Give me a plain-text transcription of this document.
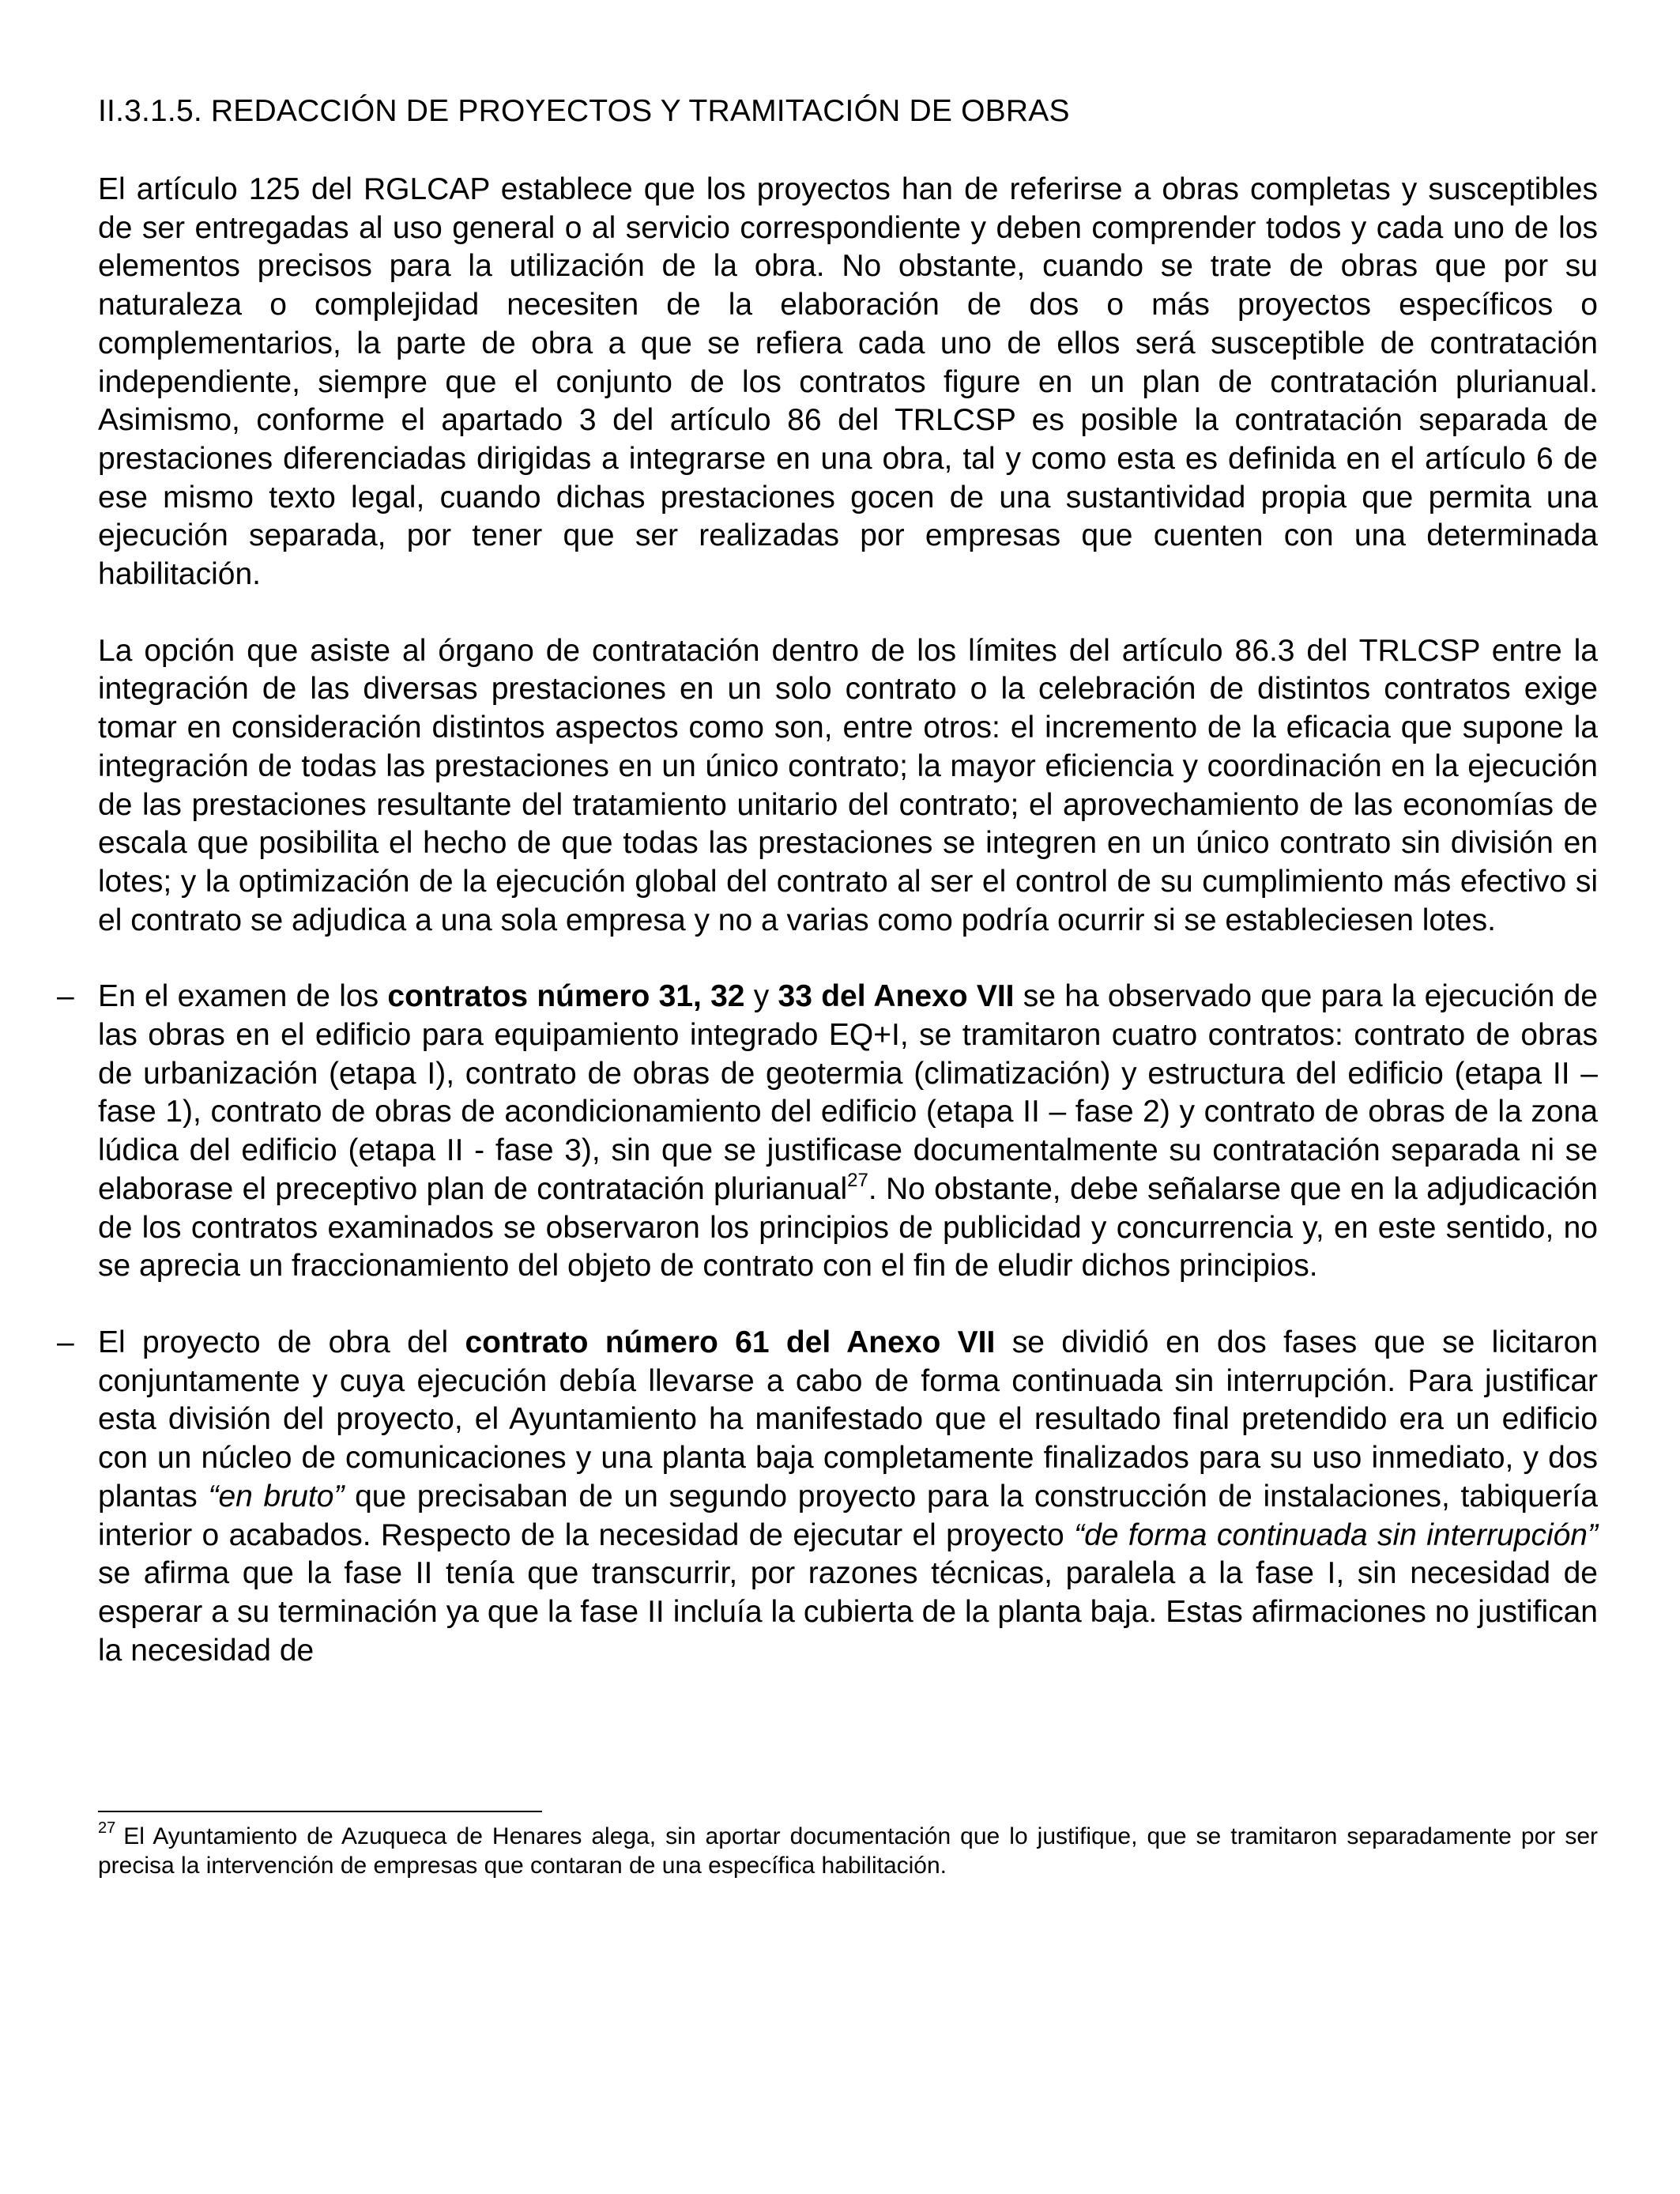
II.3.1.5. REDACCIÓN DE PROYECTOS Y TRAMITACIÓN DE OBRAS

El artículo 125 del RGLCAP establece que los proyectos han de referirse a obras completas y susceptibles de ser entregadas al uso general o al servicio correspondiente y deben comprender todos y cada uno de los elementos precisos para la utilización de la obra. No obstante, cuando se trate de obras que por su naturaleza o complejidad necesiten de la elaboración de dos o más proyectos específicos o complementarios, la parte de obra a que se refiera cada uno de ellos será susceptible de contratación independiente, siempre que el conjunto de los contratos figure en un plan de contratación plurianual. Asimismo, conforme el apartado 3 del artículo 86 del TRLCSP es posible la contratación separada de prestaciones diferenciadas dirigidas a integrarse en una obra, tal y como esta es definida en el artículo 6 de ese mismo texto legal, cuando dichas prestaciones gocen de una sustantividad propia que permita una ejecución separada, por tener que ser realizadas por empresas que cuenten con una determinada habilitación.

La opción que asiste al órgano de contratación dentro de los límites del artículo 86.3 del TRLCSP entre la integración de las diversas prestaciones en un solo contrato o la celebración de distintos contratos exige tomar en consideración distintos aspectos como son, entre otros: el incremento de la eficacia que supone la integración de todas las prestaciones en un único contrato; la mayor eficiencia y coordinación en la ejecución de las prestaciones resultante del tratamiento unitario del contrato; el aprovechamiento de las economías de escala que posibilita el hecho de que todas las prestaciones se integren en un único contrato sin división en lotes; y la optimización de la ejecución global del contrato al ser el control de su cumplimiento más efectivo si el contrato se adjudica a una sola empresa y no a varias como podría ocurrir si se estableciesen lotes.

– En el examen de los contratos número 31, 32 y 33 del Anexo VII se ha observado que para la ejecución de las obras en el edificio para equipamiento integrado EQ+I, se tramitaron cuatro contratos: contrato de obras de urbanización (etapa I), contrato de obras de geotermia (climatización) y estructura del edificio (etapa II – fase 1), contrato de obras de acondicionamiento del edificio (etapa II – fase 2) y contrato de obras de la zona lúdica del edificio (etapa II - fase 3), sin que se justificase documentalmente su contratación separada ni se elaborase el preceptivo plan de contratación plurianual$^{27}$. No obstante, debe señalarse que en la adjudicación de los contratos examinados se observaron los principios de publicidad y concurrencia y, en este sentido, no se aprecia un fraccionamiento del objeto de contrato con el fin de eludir dichos principios.

– El proyecto de obra del contrato número 61 del Anexo VII se dividió en dos fases que se licitaron conjuntamente y cuya ejecución debía llevarse a cabo de forma continuada sin interrupción. Para justificar esta división del proyecto, el Ayuntamiento ha manifestado que el resultado final pretendido era un edificio con un núcleo de comunicaciones y una planta baja completamente finalizados para su uso inmediato, y dos plantas “en bruto” que precisaban de un segundo proyecto para la construcción de instalaciones, tabiquería interior o acabados. Respecto de la necesidad de ejecutar el proyecto “de forma continuada sin interrupción” se afirma que la fase II tenía que transcurrir, por razones técnicas, paralela a la fase I, sin necesidad de esperar a su terminación ya que la fase II incluía la cubierta de la planta baja. Estas afirmaciones no justifican la necesidad de

$^{27}$ El Ayuntamiento de Azuqueca de Henares alega, sin aportar documentación que lo justifique, que se tramitaron separadamente por ser precisa la intervención de empresas que contaran de una específica habilitación.
